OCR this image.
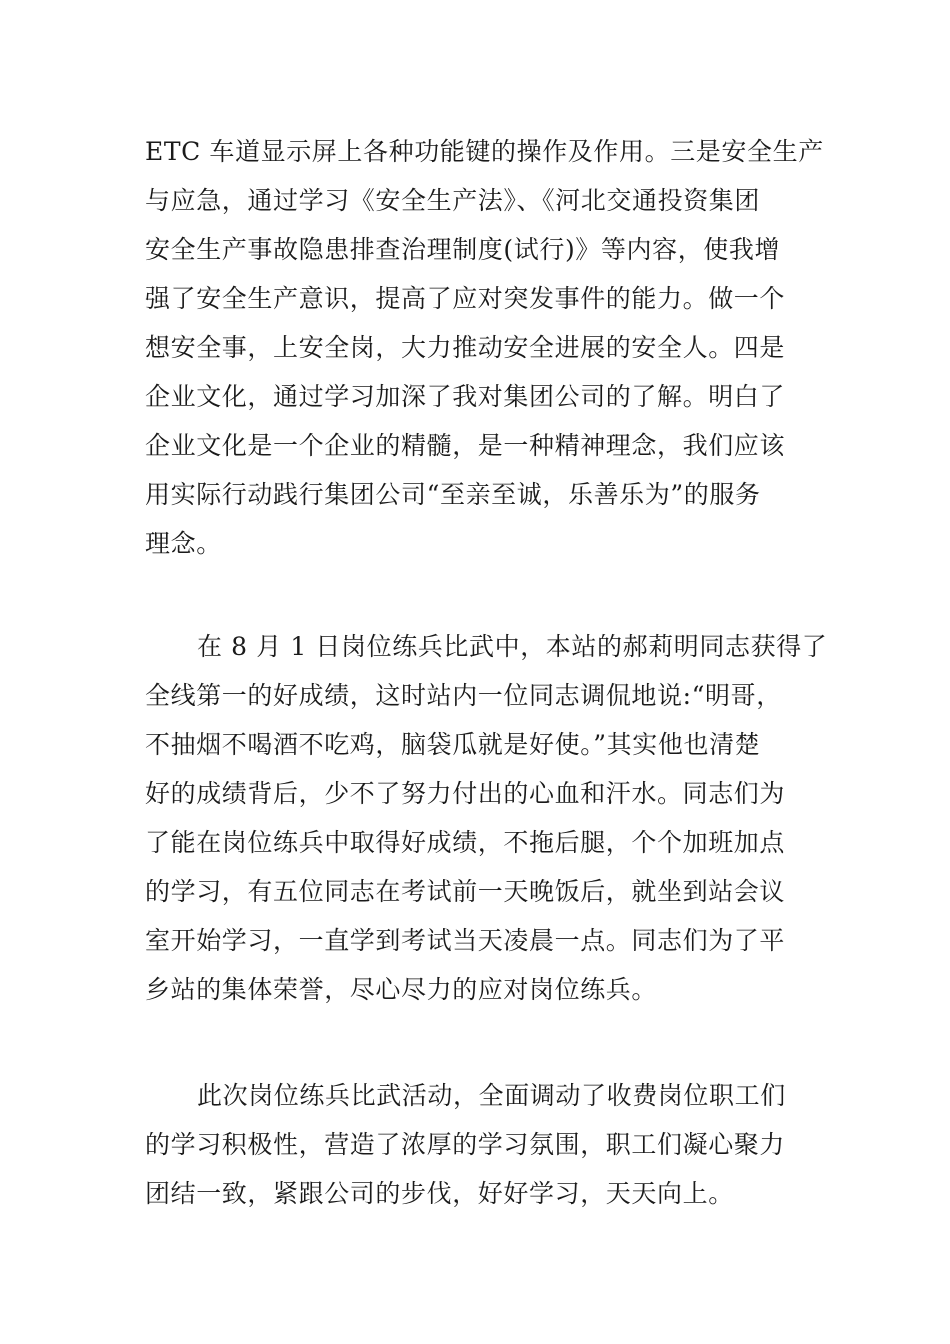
ETC 车道显示屏上各种功能键的操作及作用。三是安全生产
与应急，通过学习《安全生产法》、《河北交通投资集团
安全生产事故隐患排查治理制度(试行)》等内容，使我增
强了安全生产意识，提高了应对突发事件的能力。做一个
想安全事，上安全岗，大力推动安全进展的安全人。四是
企业文化，通过学习加深了我对集团公司的了解。明白了
企业文化是一个企业的精髓，是一种精神理念，我们应该
用实际行动践行集团公司“至亲至诚，乐善乐为”的服务
理念。

在 8 月 1 日岗位练兵比武中，本站的郝莉明同志获得了
全线第一的好成绩，这时站内一位同志调侃地说:“明哥，
不抽烟不喝酒不吃鸡，脑袋瓜就是好使。”其实他也清楚
好的成绩背后，少不了努力付出的心血和汗水。同志们为
了能在岗位练兵中取得好成绩，不拖后腿，个个加班加点
的学习，有五位同志在考试前一天晚饭后，就坐到站会议
室开始学习，一直学到考试当天凌晨一点。同志们为了平
乡站的集体荣誉，尽心尽力的应对岗位练兵。

此次岗位练兵比武活动，全面调动了收费岗位职工们
的学习积极性，营造了浓厚的学习氛围，职工们凝心聚力
团结一致，紧跟公司的步伐，好好学习，天天向上。
